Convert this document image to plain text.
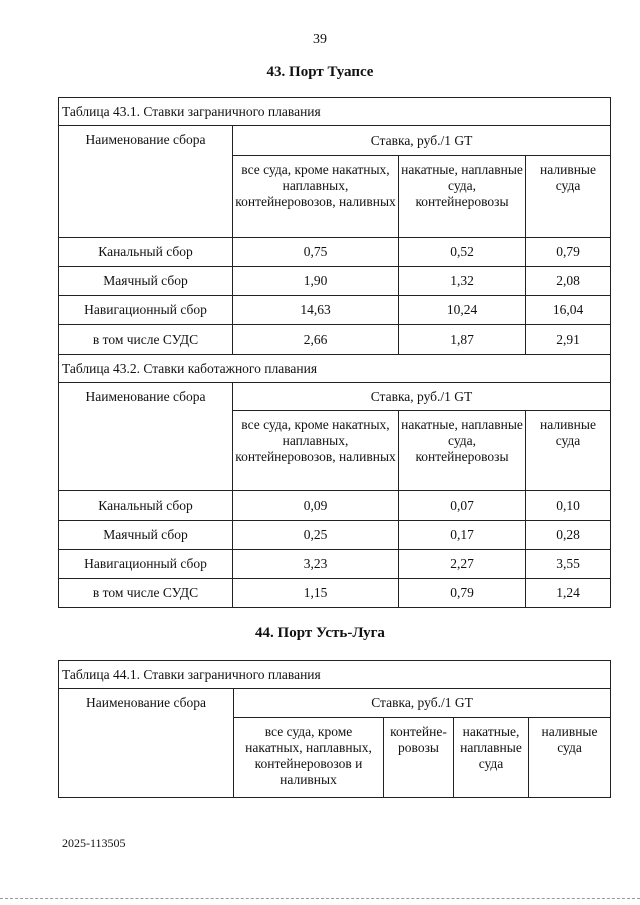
39
43. Порт Туапсе
Таблица 43.1. Ставки заграничного плавания			
Наименование сбора	Ставка, руб./1 GT		
	все суда, кроме накатных, наплавных, контейнеровозов, наливных	накатные, наплавные суда, контейнеровозы	наливные суда
Канальный сбор	0,75	0,52	0,79
Маячный сбор	1,90	1,32	2,08
Навигационный сбор	14,63	10,24	16,04
в том числе СУДС	2,66	1,87	2,91
Таблица 43.2. Ставки каботажного плавания			
Наименование сбора	Ставка, руб./1 GT		
	все суда, кроме накатных, наплавных, контейнеровозов, наливных	накатные, наплавные суда, контейнеровозы	наливные суда
Канальный сбор	0,09	0,07	0,10
Маячный сбор	0,25	0,17	0,28
Навигационный сбор	3,23	2,27	3,55
в том числе СУДС	1,15	0,79	1,24
44. Порт Усть-Луга
Таблица 44.1. Ставки заграничного плавания				
Наименование сбора	Ставка, руб./1 GT			
	все суда, кроме накатных, наплавных, контейнеровозов и наливных	контейне-ровозы	накатные, наплавные суда	наливные суда
2025-113505
